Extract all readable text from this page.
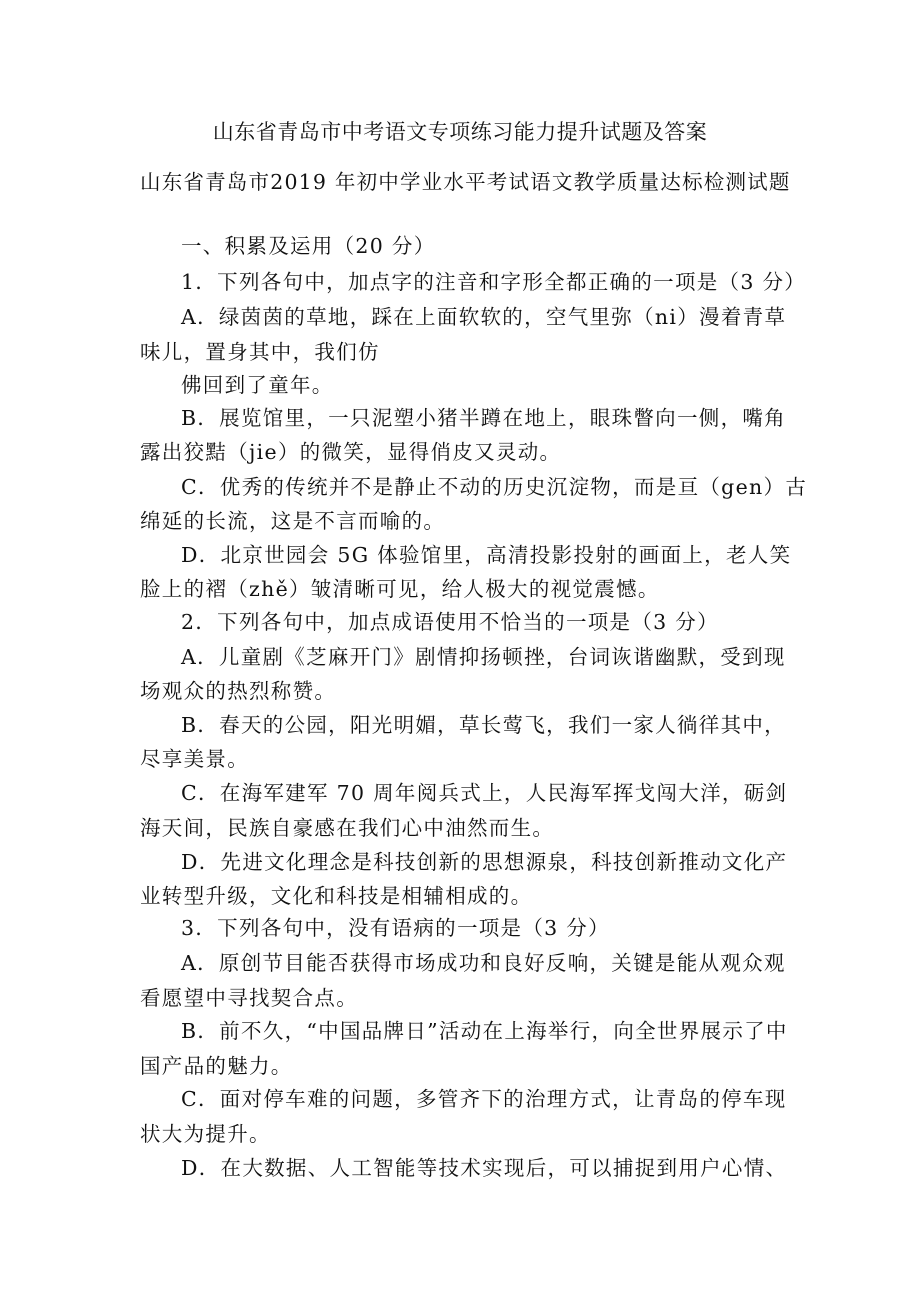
山东省青岛市中考语文专项练习能力提升试题及答案
山东省青岛市2019 年初中学业水平考试语文教学质量达标检测试题
一、积累及运用（20 分）
1．下列各句中，加点字的注音和字形全都正确的一项是（3 分）
A．绿茵茵的草地，踩在上面软软的，空气里弥（ni）漫着青草
味儿，置身其中，我们仿
佛回到了童年。
B．展览馆里，一只泥塑小猪半蹲在地上，眼珠瞥向一侧，嘴角
露出狡黠（jie）的微笑，显得俏皮又灵动。
C．优秀的传统并不是静止不动的历史沉淀物，而是亘（gen）古
绵延的长流，这是不言而喻的。
D．北京世园会 5G 体验馆里，高清投影投射的画面上，老人笑
脸上的褶（zhě）皱清晰可见，给人极大的视觉震憾。
2．下列各句中，加点成语使用不恰当的一项是（3 分）
A．儿童剧《芝麻开门》剧情抑扬顿挫，台词诙谐幽默，受到现
场观众的热烈称赞。
B．春天的公园，阳光明媚，草长莺飞，我们一家人徜徉其中，
尽享美景。
C．在海军建军 70 周年阅兵式上，人民海军挥戈闯大洋，砺剑
海天间，民族自豪感在我们心中油然而生。
D．先进文化理念是科技创新的思想源泉，科技创新推动文化产
业转型升级，文化和科技是相辅相成的。
3．下列各句中，没有语病的一项是（3 分）
A．原创节目能否获得市场成功和良好反响，关键是能从观众观
看愿望中寻找契合点。
B．前不久，“中国品牌日”活动在上海举行，向全世界展示了中
国产品的魅力。
C．面对停车难的问题，多管齐下的治理方式，让青岛的停车现
状大为提升。
D．在大数据、人工智能等技术实现后，可以捕捉到用户心情、
